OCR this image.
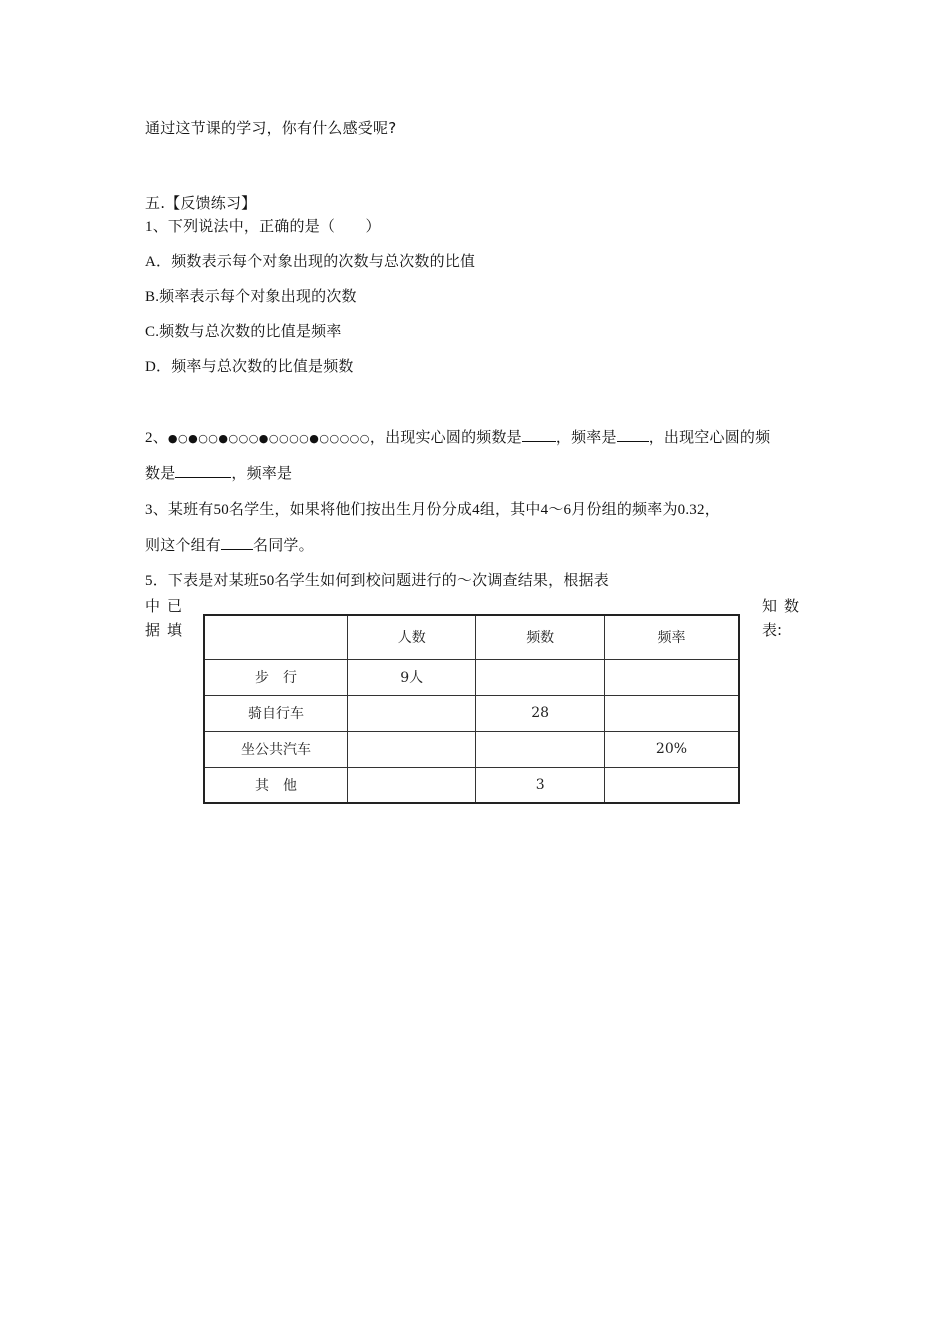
通过这节课的学习，你有什么感受呢?
五.【反馈练习】
1、下列说法中，正确的是（　　）
A．频数表示每个对象出现的次数与总次数的比值
B.频率表示每个对象出现的次数
C.频数与总次数的比值是频率
D．频率与总次数的比值是频数
2、●○●○○●○○○●○○○○●○○○○○，出现实心圆的频数是 ，频率是 ，出现空心圆的频
数是	，频率是
3、某班有50名学生，如果将他们按出生月份分成4组，其中4～6月份组的频率为0.32，
则这个组有 名同学。
5．下表是对某班50名学生如何到校问题进行的～次调查结果，根据表
中 已
据 填
知 数
表:
	人数	频数	频率
步　行	9人		
骑自行车		28	
坐公共汽车			20%
其　他		3	
